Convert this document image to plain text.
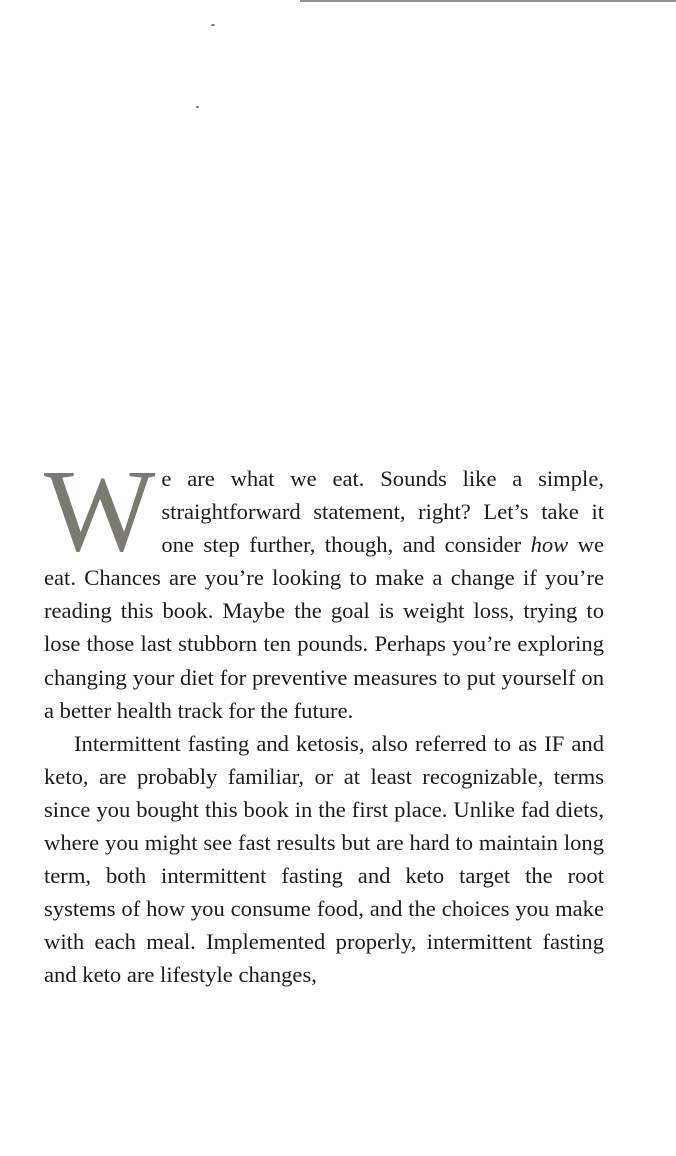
We are what we eat. Sounds like a simple, straightforward statement, right? Let’s take it one step further, though, and consider how we eat. Chances are you’re looking to make a change if you’re reading this book. Maybe the goal is weight loss, trying to lose those last stubborn ten pounds. Perhaps you’re exploring changing your diet for preventive measures to put yourself on a better health track for the future.

Intermittent fasting and ketosis, also referred to as IF and keto, are probably familiar, or at least recognizable, terms since you bought this book in the first place. Unlike fad diets, where you might see fast results but are hard to maintain long term, both intermittent fasting and keto target the root systems of how you consume food, and the choices you make with each meal. Implemented properly, intermittent fasting and keto are lifestyle changes,
